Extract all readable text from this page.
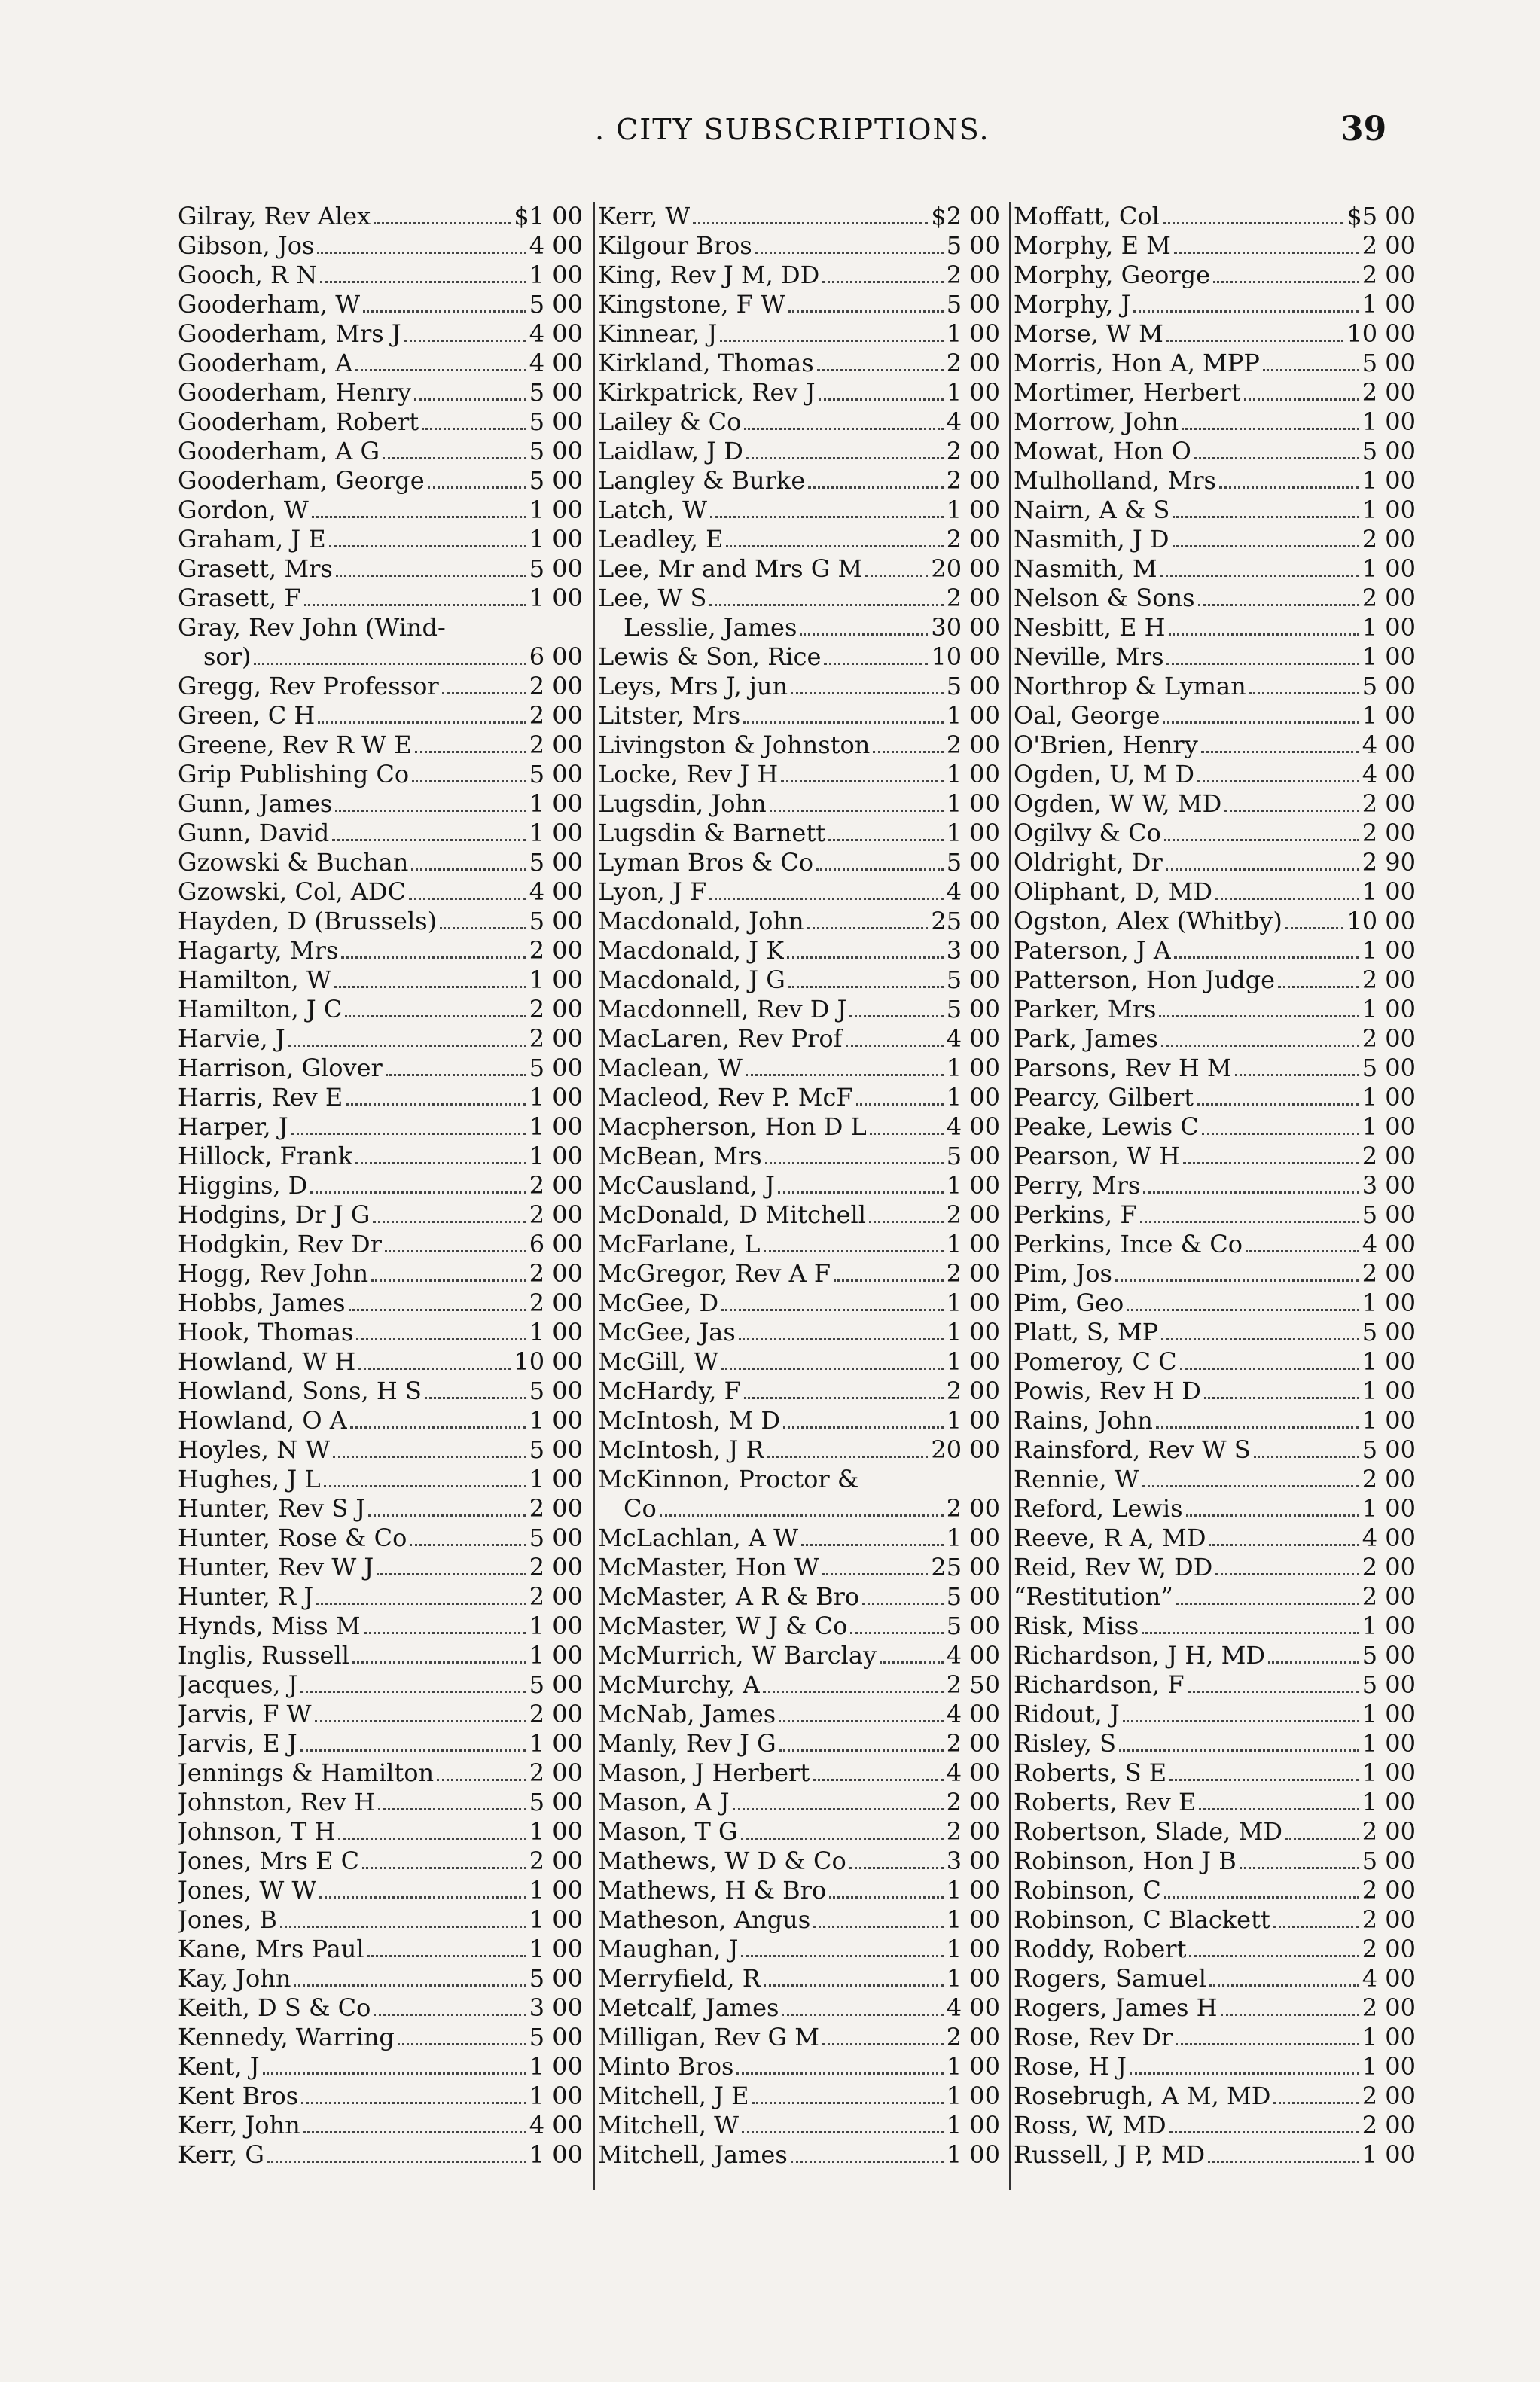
. CITY SUBSCRIPTIONS.	39
Gilray, Rev Alex	$1 00
Gibson, Jos	4 00
Gooch, R N	1 00
Gooderham, W	5 00
Gooderham, Mrs J	4 00
Gooderham, A	4 00
Gooderham, Henry	5 00
Gooderham, Robert	5 00
Gooderham, A G	5 00
Gooderham, George	5 00
Gordon, W	1 00
Graham, J E	1 00
Grasett, Mrs	5 00
Grasett, F	1 00
Gray, Rev John (Wind-
sor)	6 00
Gregg, Rev Professor	2 00
Green, C H	2 00
Greene, Rev R W E	2 00
Grip Publishing Co	5 00
Gunn, James	1 00
Gunn, David	1 00
Gzowski & Buchan	5 00
Gzowski, Col, ADC	4 00
Hayden, D (Brussels)	5 00
Hagarty, Mrs	2 00
Hamilton, W	1 00
Hamilton, J C	2 00
Harvie, J	2 00
Harrison, Glover	5 00
Harris, Rev E	1 00
Harper, J	1 00
Hillock, Frank	1 00
Higgins, D	2 00
Hodgins, Dr J G	2 00
Hodgkin, Rev Dr	6 00
Hogg, Rev John	2 00
Hobbs, James	2 00
Hook, Thomas	1 00
Howland, W H	10 00
Howland, Sons, H S	5 00
Howland, O A	1 00
Hoyles, N W	5 00
Hughes, J L	1 00
Hunter, Rev S J	2 00
Hunter, Rose & Co	5 00
Hunter, Rev W J	2 00
Hunter, R J	2 00
Hynds, Miss M	1 00
Inglis, Russell	1 00
Jacques, J	5 00
Jarvis, F W	2 00
Jarvis, E J	1 00
Jennings & Hamilton	2 00
Johnston, Rev H	5 00
Johnson, T H	1 00
Jones, Mrs E C	2 00
Jones, W W	1 00
Jones, B	1 00
Kane, Mrs Paul	1 00
Kay, John	5 00
Keith, D S & Co	3 00
Kennedy, Warring	5 00
Kent, J	1 00
Kent Bros	1 00
Kerr, John	4 00
Kerr, G	1 00
Kerr, W	$2 00
Kilgour Bros	5 00
King, Rev J M, DD	2 00
Kingstone, F W	5 00
Kinnear, J	1 00
Kirkland, Thomas	2 00
Kirkpatrick, Rev J	1 00
Lailey & Co	4 00
Laidlaw, J D	2 00
Langley & Burke	2 00
Latch, W	1 00
Leadley, E	2 00
Lee, Mr and Mrs G M	20 00
Lee, W S	2 00
Lesslie, James	30 00
Lewis & Son, Rice	10 00
Leys, Mrs J, jun	5 00
Litster, Mrs	1 00
Livingston & Johnston	2 00
Locke, Rev J H	1 00
Lugsdin, John	1 00
Lugsdin & Barnett	1 00
Lyman Bros & Co	5 00
Lyon, J F	4 00
Macdonald, John	25 00
Macdonald, J K	3 00
Macdonald, J G	5 00
Macdonnell, Rev D J	5 00
MacLaren, Rev Prof	4 00
Maclean, W	1 00
Macleod, Rev P. McF	1 00
Macpherson, Hon D L	4 00
McBean, Mrs	5 00
McCausland, J	1 00
McDonald, D Mitchell	2 00
McFarlane, L	1 00
McGregor, Rev A F	2 00
McGee, D	1 00
McGee, Jas	1 00
McGill, W	1 00
McHardy, F	2 00
McIntosh, M D	1 00
McIntosh, J R	20 00
McKinnon, Proctor &
Co	2 00
McLachlan, A W	1 00
McMaster, Hon W	25 00
McMaster, A R & Bro	5 00
McMaster, W J & Co	5 00
McMurrich, W Barclay	4 00
McMurchy, A	2 50
McNab, James	4 00
Manly, Rev J G	2 00
Mason, J Herbert	4 00
Mason, A J	2 00
Mason, T G	2 00
Mathews, W D & Co	3 00
Mathews, H & Bro	1 00
Matheson, Angus	1 00
Maughan, J	1 00
Merryfield, R	1 00
Metcalf, James	4 00
Milligan, Rev G M	2 00
Minto Bros	1 00
Mitchell, J E	1 00
Mitchell, W	1 00
Mitchell, James	1 00
Moffatt, Col	$5 00
Morphy, E M	2 00
Morphy, George	2 00
Morphy, J	1 00
Morse, W M	10 00
Morris, Hon A, MPP	5 00
Mortimer, Herbert	2 00
Morrow, John	1 00
Mowat, Hon O	5 00
Mulholland, Mrs	1 00
Nairn, A & S	1 00
Nasmith, J D	2 00
Nasmith, M	1 00
Nelson & Sons	2 00
Nesbitt, E H	1 00
Neville, Mrs	1 00
Northrop & Lyman	5 00
Oal, George	1 00
O'Brien, Henry	4 00
Ogden, U, M D	4 00
Ogden, W W, MD	2 00
Ogilvy & Co	2 00
Oldright, Dr	2 90
Oliphant, D, MD	1 00
Ogston, Alex (Whitby)	10 00
Paterson, J A	1 00
Patterson, Hon Judge	2 00
Parker, Mrs	1 00
Park, James	2 00
Parsons, Rev H M	5 00
Pearcy, Gilbert	1 00
Peake, Lewis C	1 00
Pearson, W H	2 00
Perry, Mrs	3 00
Perkins, F	5 00
Perkins, Ince & Co	4 00
Pim, Jos	2 00
Pim, Geo	1 00
Platt, S, MP	5 00
Pomeroy, C C	1 00
Powis, Rev H D	1 00
Rains, John	1 00
Rainsford, Rev W S	5 00
Rennie, W	2 00
Reford, Lewis	1 00
Reeve, R A, MD	4 00
Reid, Rev W, DD	2 00
“Restitution”	2 00
Risk, Miss	1 00
Richardson, J H, MD	5 00
Richardson, F	5 00
Ridout, J	1 00
Risley, S	1 00
Roberts, S E	1 00
Roberts, Rev E	1 00
Robertson, Slade, MD	2 00
Robinson, Hon J B	5 00
Robinson, C	2 00
Robinson, C Blackett	2 00
Roddy, Robert	2 00
Rogers, Samuel	4 00
Rogers, James H	2 00
Rose, Rev Dr	1 00
Rose, H J	1 00
Rosebrugh, A M, MD	2 00
Ross, W, MD	2 00
Russell, J P, MD	1 00
